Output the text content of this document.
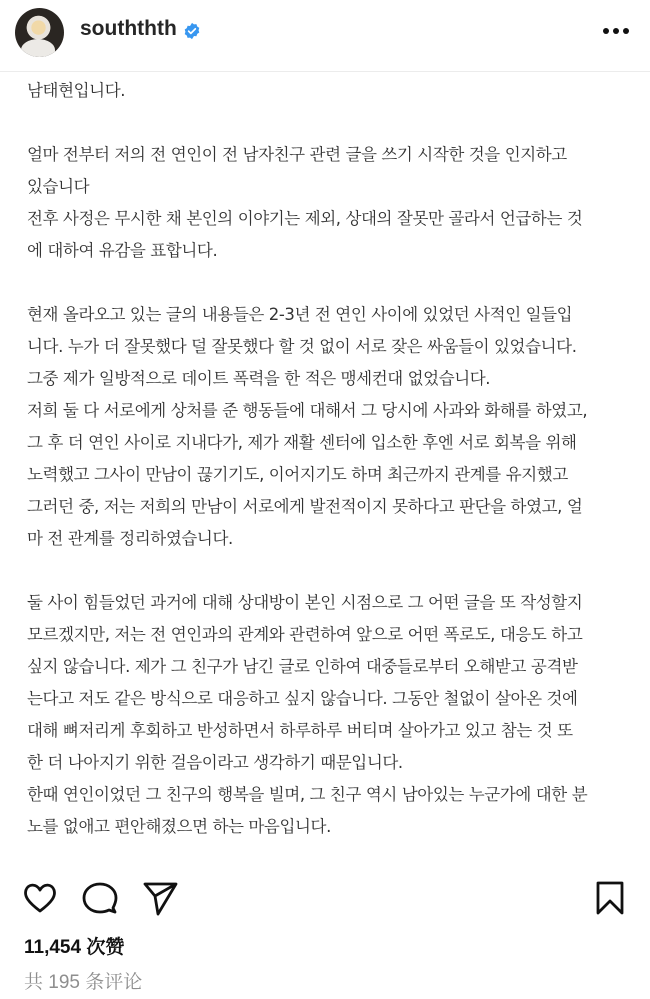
souththth

남태현입니다.

얼마 전부터 저의 전 연인이 전 남자친구 관련 글을 쓰기 시작한 것을 인지하고

있습니다

전후 사정은 무시한 채 본인의 이야기는 제외, 상대의 잘못만 골라서 언급하는 것

에 대하여 유감을 표합니다.

현재 올라오고 있는 글의 내용들은 2-3년 전 연인 사이에 있었던 사적인 일들입

니다. 누가 더 잘못했다 덜 잘못했다 할 것 없이 서로 잦은 싸움들이 있었습니다.

그중 제가 일방적으로 데이트 폭력을 한 적은 맹세컨대 없었습니다.

저희 둘 다 서로에게 상처를 준 행동들에 대해서 그 당시에 사과와 화해를 하였고,

그 후 더 연인 사이로 지내다가, 제가 재활 센터에 입소한 후엔 서로 회복을 위해

노력했고 그사이 만남이 끊기기도, 이어지기도 하며 최근까지 관계를 유지했고

그러던 중, 저는 저희의 만남이 서로에게 발전적이지 못하다고 판단을 하였고, 얼

마 전 관계를 정리하였습니다.

둘 사이 힘들었던 과거에 대해 상대방이 본인 시점으로 그 어떤 글을 또 작성할지

모르겠지만, 저는 전 연인과의 관계와 관련하여 앞으로 어떤 폭로도, 대응도 하고

싶지 않습니다. 제가 그 친구가 남긴 글로 인하여 대중들로부터 오해받고 공격받

는다고 저도 같은 방식으로 대응하고 싶지 않습니다. 그동안 철없이 살아온 것에

대해 뼈저리게 후회하고 반성하면서 하루하루 버티며 살아가고 있고 참는 것 또

한 더 나아지기 위한 걸음이라고 생각하기 때문입니다.

한때 연인이었던 그 친구의 행복을 빌며, 그 친구 역시 남아있는 누군가에 대한 분

노를 없애고 편안해졌으면 하는 마음입니다.

11,454 次赞
共 195 条评论
